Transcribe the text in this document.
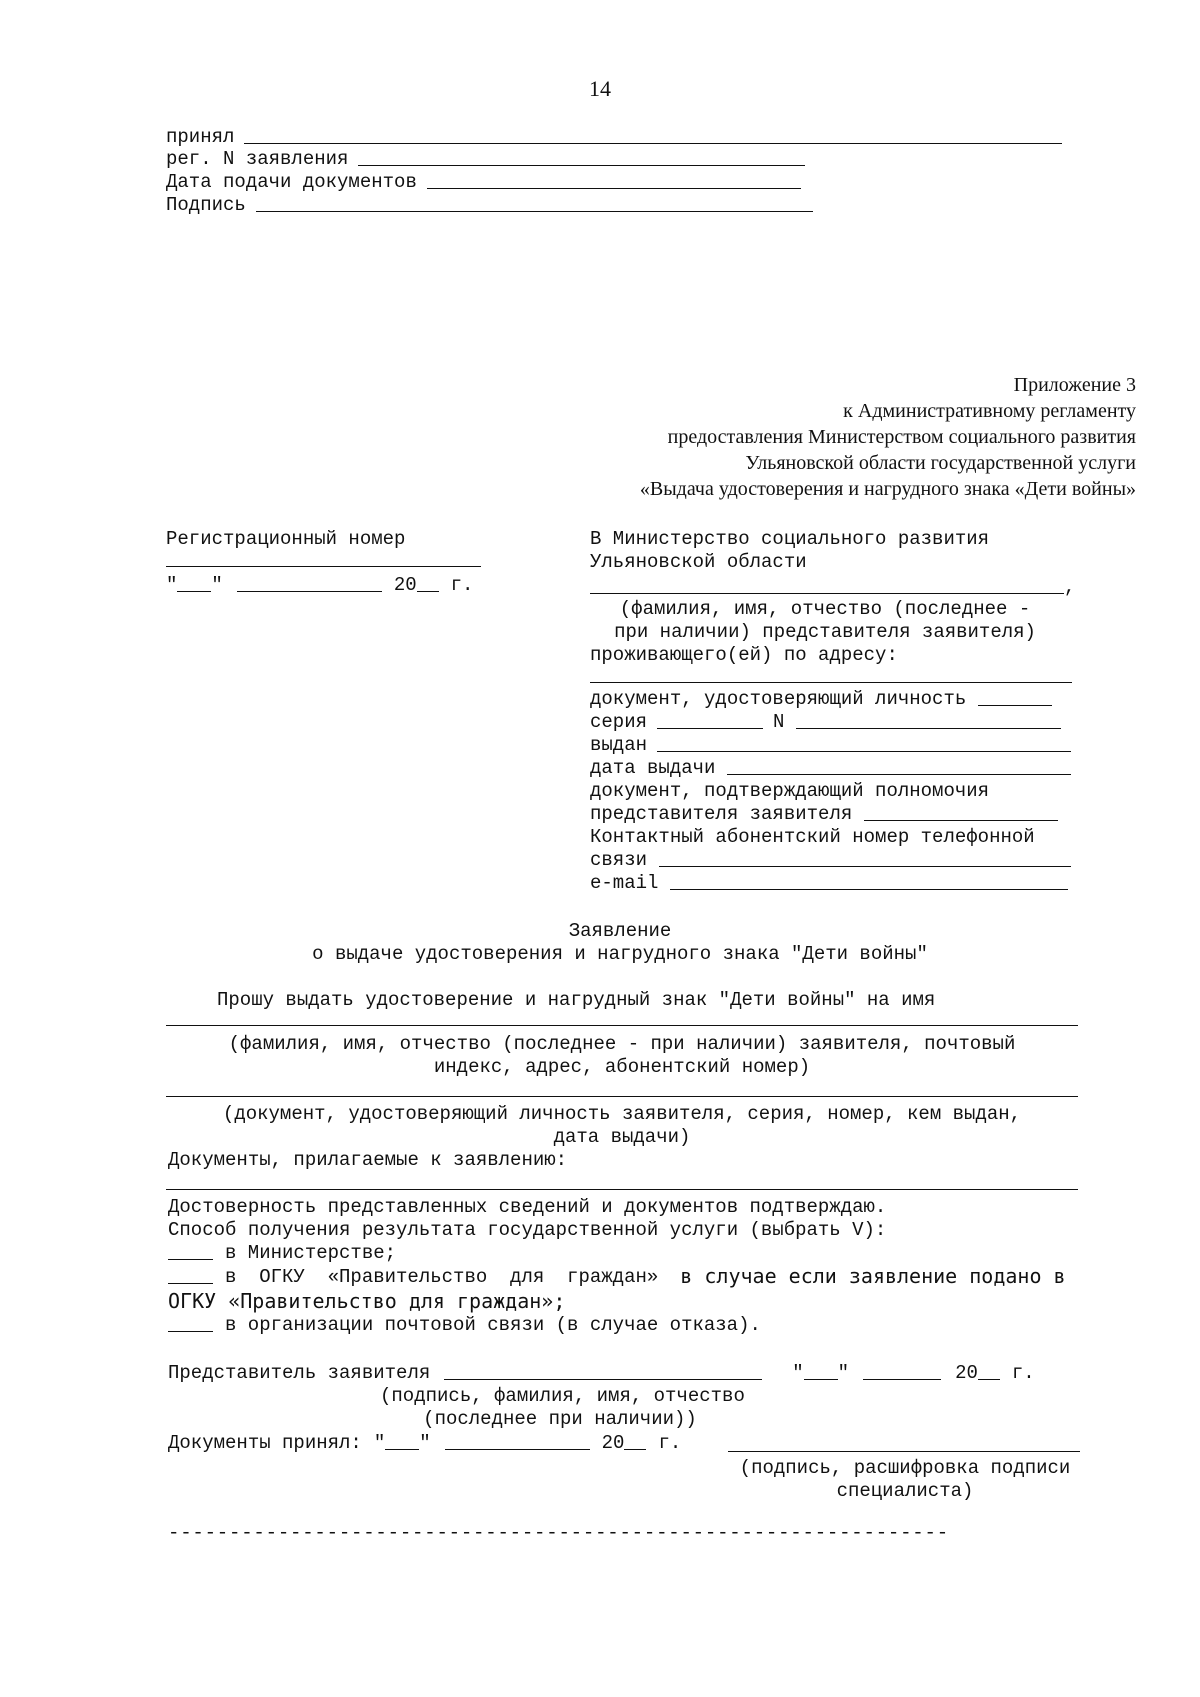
14
принял
рег. N заявления
Дата подачи документов
Подпись
Приложение 3
к Административному регламенту
предоставления Министерством социального развития
Ульяновской области государственной услуги
«Выдача удостоверения и нагрудного знака «Дети войны»
Регистрационный номер
" "	20 г.
В Министерство социального развития
Ульяновской области
,
(фамилия, имя, отчество (последнее -
при наличии) представителя заявителя)
проживающего(ей) по адресу:
документ, удостоверяющий личность
серия	N
выдан
дата выдачи
документ, подтверждающий полномочия
представителя заявителя
Контактный абонентский номер телефонной
связи
e-mail
Заявление
о выдаче удостоверения и нагрудного знака "Дети войны"
Прошу выдать удостоверение и нагрудный знак "Дети войны" на имя
(фамилия, имя, отчество (последнее - при наличии) заявителя, почтовый
индекс, адрес, абонентский номер)
(документ, удостоверяющий личность заявителя, серия, номер, кем выдан,
дата выдачи)
Документы, прилагаемые к заявлению:
Достоверность представленных сведений и документов подтверждаю.
Способ получения результата государственной услуги (выбрать V):
в Министерстве;
в  ОГКУ  «Правительство  для  граждан» в случае если заявление подано в
ОГКУ «Правительство для граждан»;
в организации почтовой связи (в случае отказа).
Представитель заявителя	" "	20 г.
(подпись, фамилия, имя, отчество
(последнее при наличии))
Документы принял: " "	20 г.
(подпись, расшифровка подписи
специалиста)
----------------------------------------------------------------
